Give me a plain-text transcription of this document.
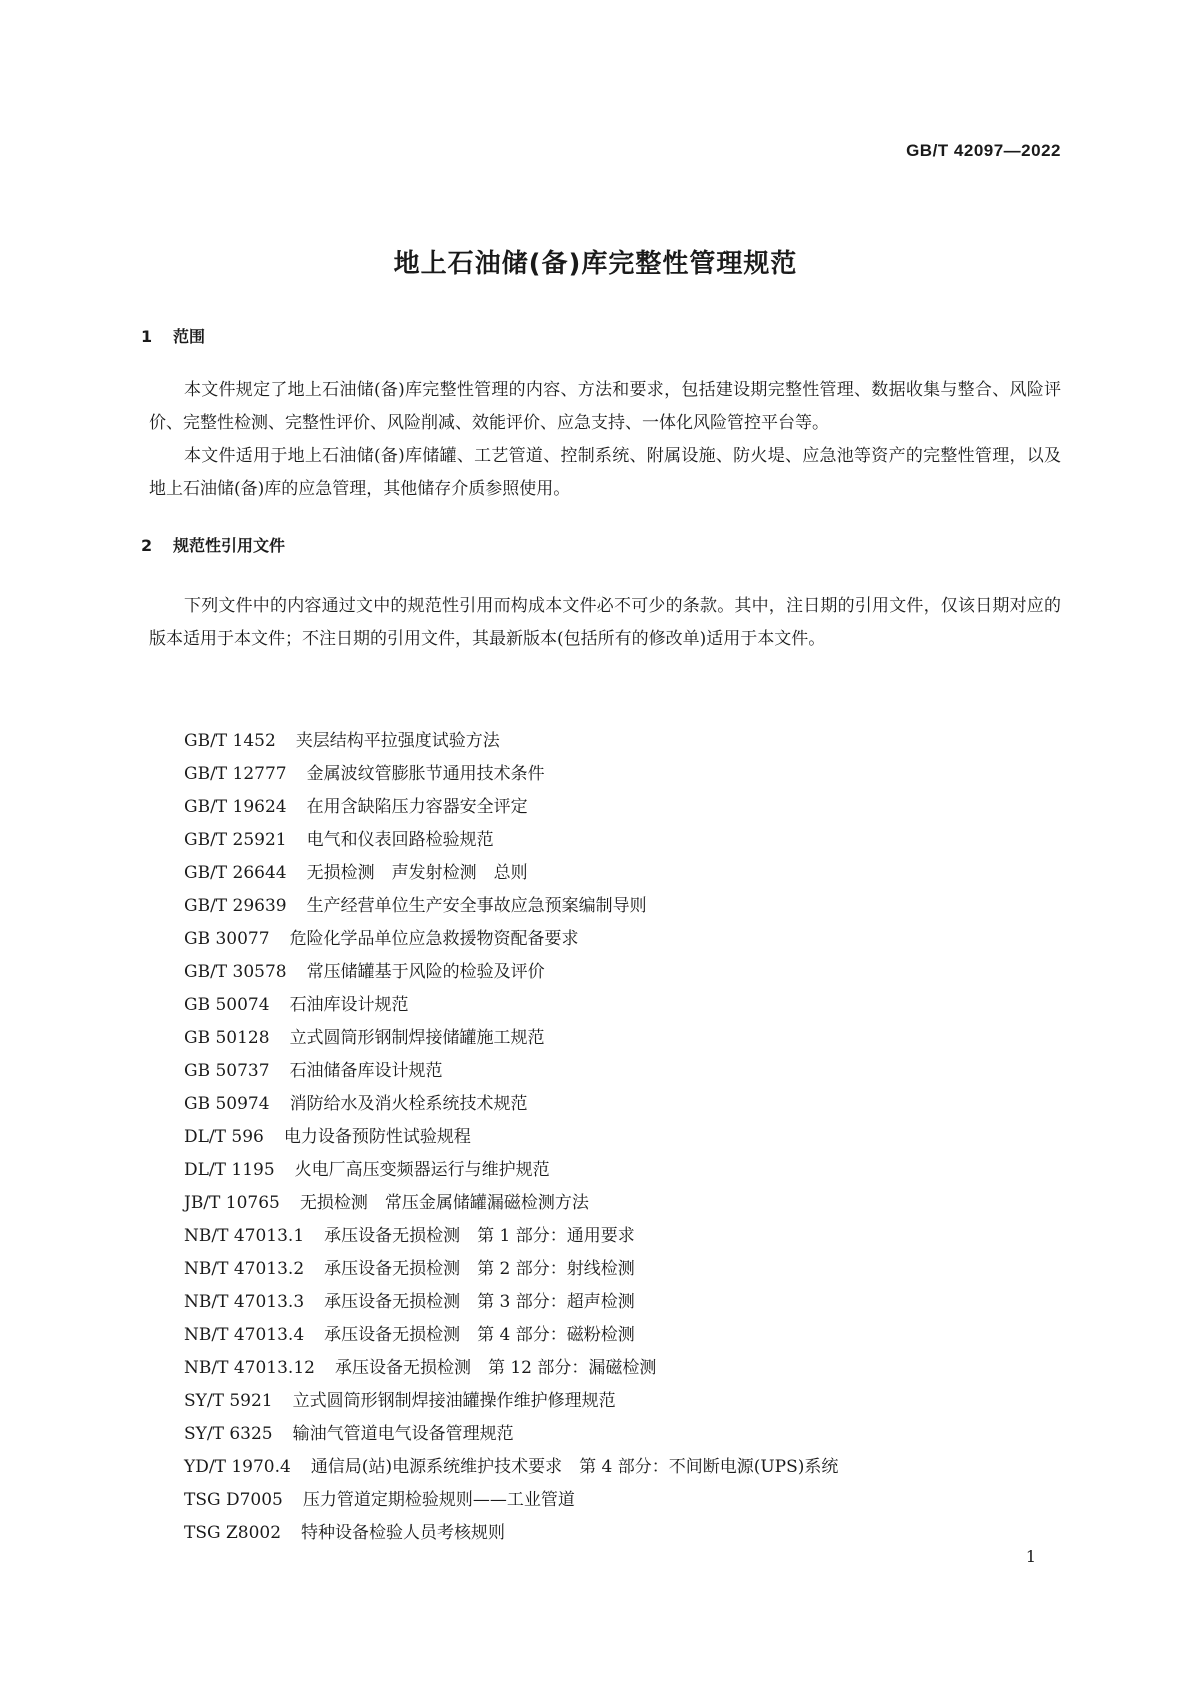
GB/T 42097—2022
地上石油储(备)库完整性管理规范
1 范围

本文件规定了地上石油储(备)库完整性管理的内容、方法和要求，包括建设期完整性管理、数据收集与整合、风险评价、完整性检测、完整性评价、风险削减、效能评价、应急支持、一体化风险管控平台等。

本文件适用于地上石油储(备)库储罐、工艺管道、控制系统、附属设施、防火堤、应急池等资产的完整性管理，以及地上石油储(备)库的应急管理，其他储存介质参照使用。

2 规范性引用文件

下列文件中的内容通过文中的规范性引用而构成本文件必不可少的条款。其中，注日期的引用文件，仅该日期对应的版本适用于本文件；不注日期的引用文件，其最新版本(包括所有的修改单)适用于本文件。

GB/T 1452 夹层结构平拉强度试验方法
GB/T 12777 金属波纹管膨胀节通用技术条件
GB/T 19624 在用含缺陷压力容器安全评定
GB/T 25921 电气和仪表回路检验规范
GB/T 26644 无损检测　声发射检测　总则
GB/T 29639 生产经营单位生产安全事故应急预案编制导则
GB 30077 危险化学品单位应急救援物资配备要求
GB/T 30578 常压储罐基于风险的检验及评价
GB 50074 石油库设计规范
GB 50128 立式圆筒形钢制焊接储罐施工规范
GB 50737 石油储备库设计规范
GB 50974 消防给水及消火栓系统技术规范
DL/T 596 电力设备预防性试验规程
DL/T 1195 火电厂高压变频器运行与维护规范
JB/T 10765 无损检测　常压金属储罐漏磁检测方法
NB/T 47013.1 承压设备无损检测　第 1 部分：通用要求
NB/T 47013.2 承压设备无损检测　第 2 部分：射线检测
NB/T 47013.3 承压设备无损检测　第 3 部分：超声检测
NB/T 47013.4 承压设备无损检测　第 4 部分：磁粉检测
NB/T 47013.12 承压设备无损检测　第 12 部分：漏磁检测
SY/T 5921 立式圆筒形钢制焊接油罐操作维护修理规范
SY/T 6325 输油气管道电气设备管理规范
YD/T 1970.4 通信局(站)电源系统维护技术要求　第 4 部分：不间断电源(UPS)系统
TSG D7005 压力管道定期检验规则——工业管道
TSG Z8002 特种设备检验人员考核规则
1
